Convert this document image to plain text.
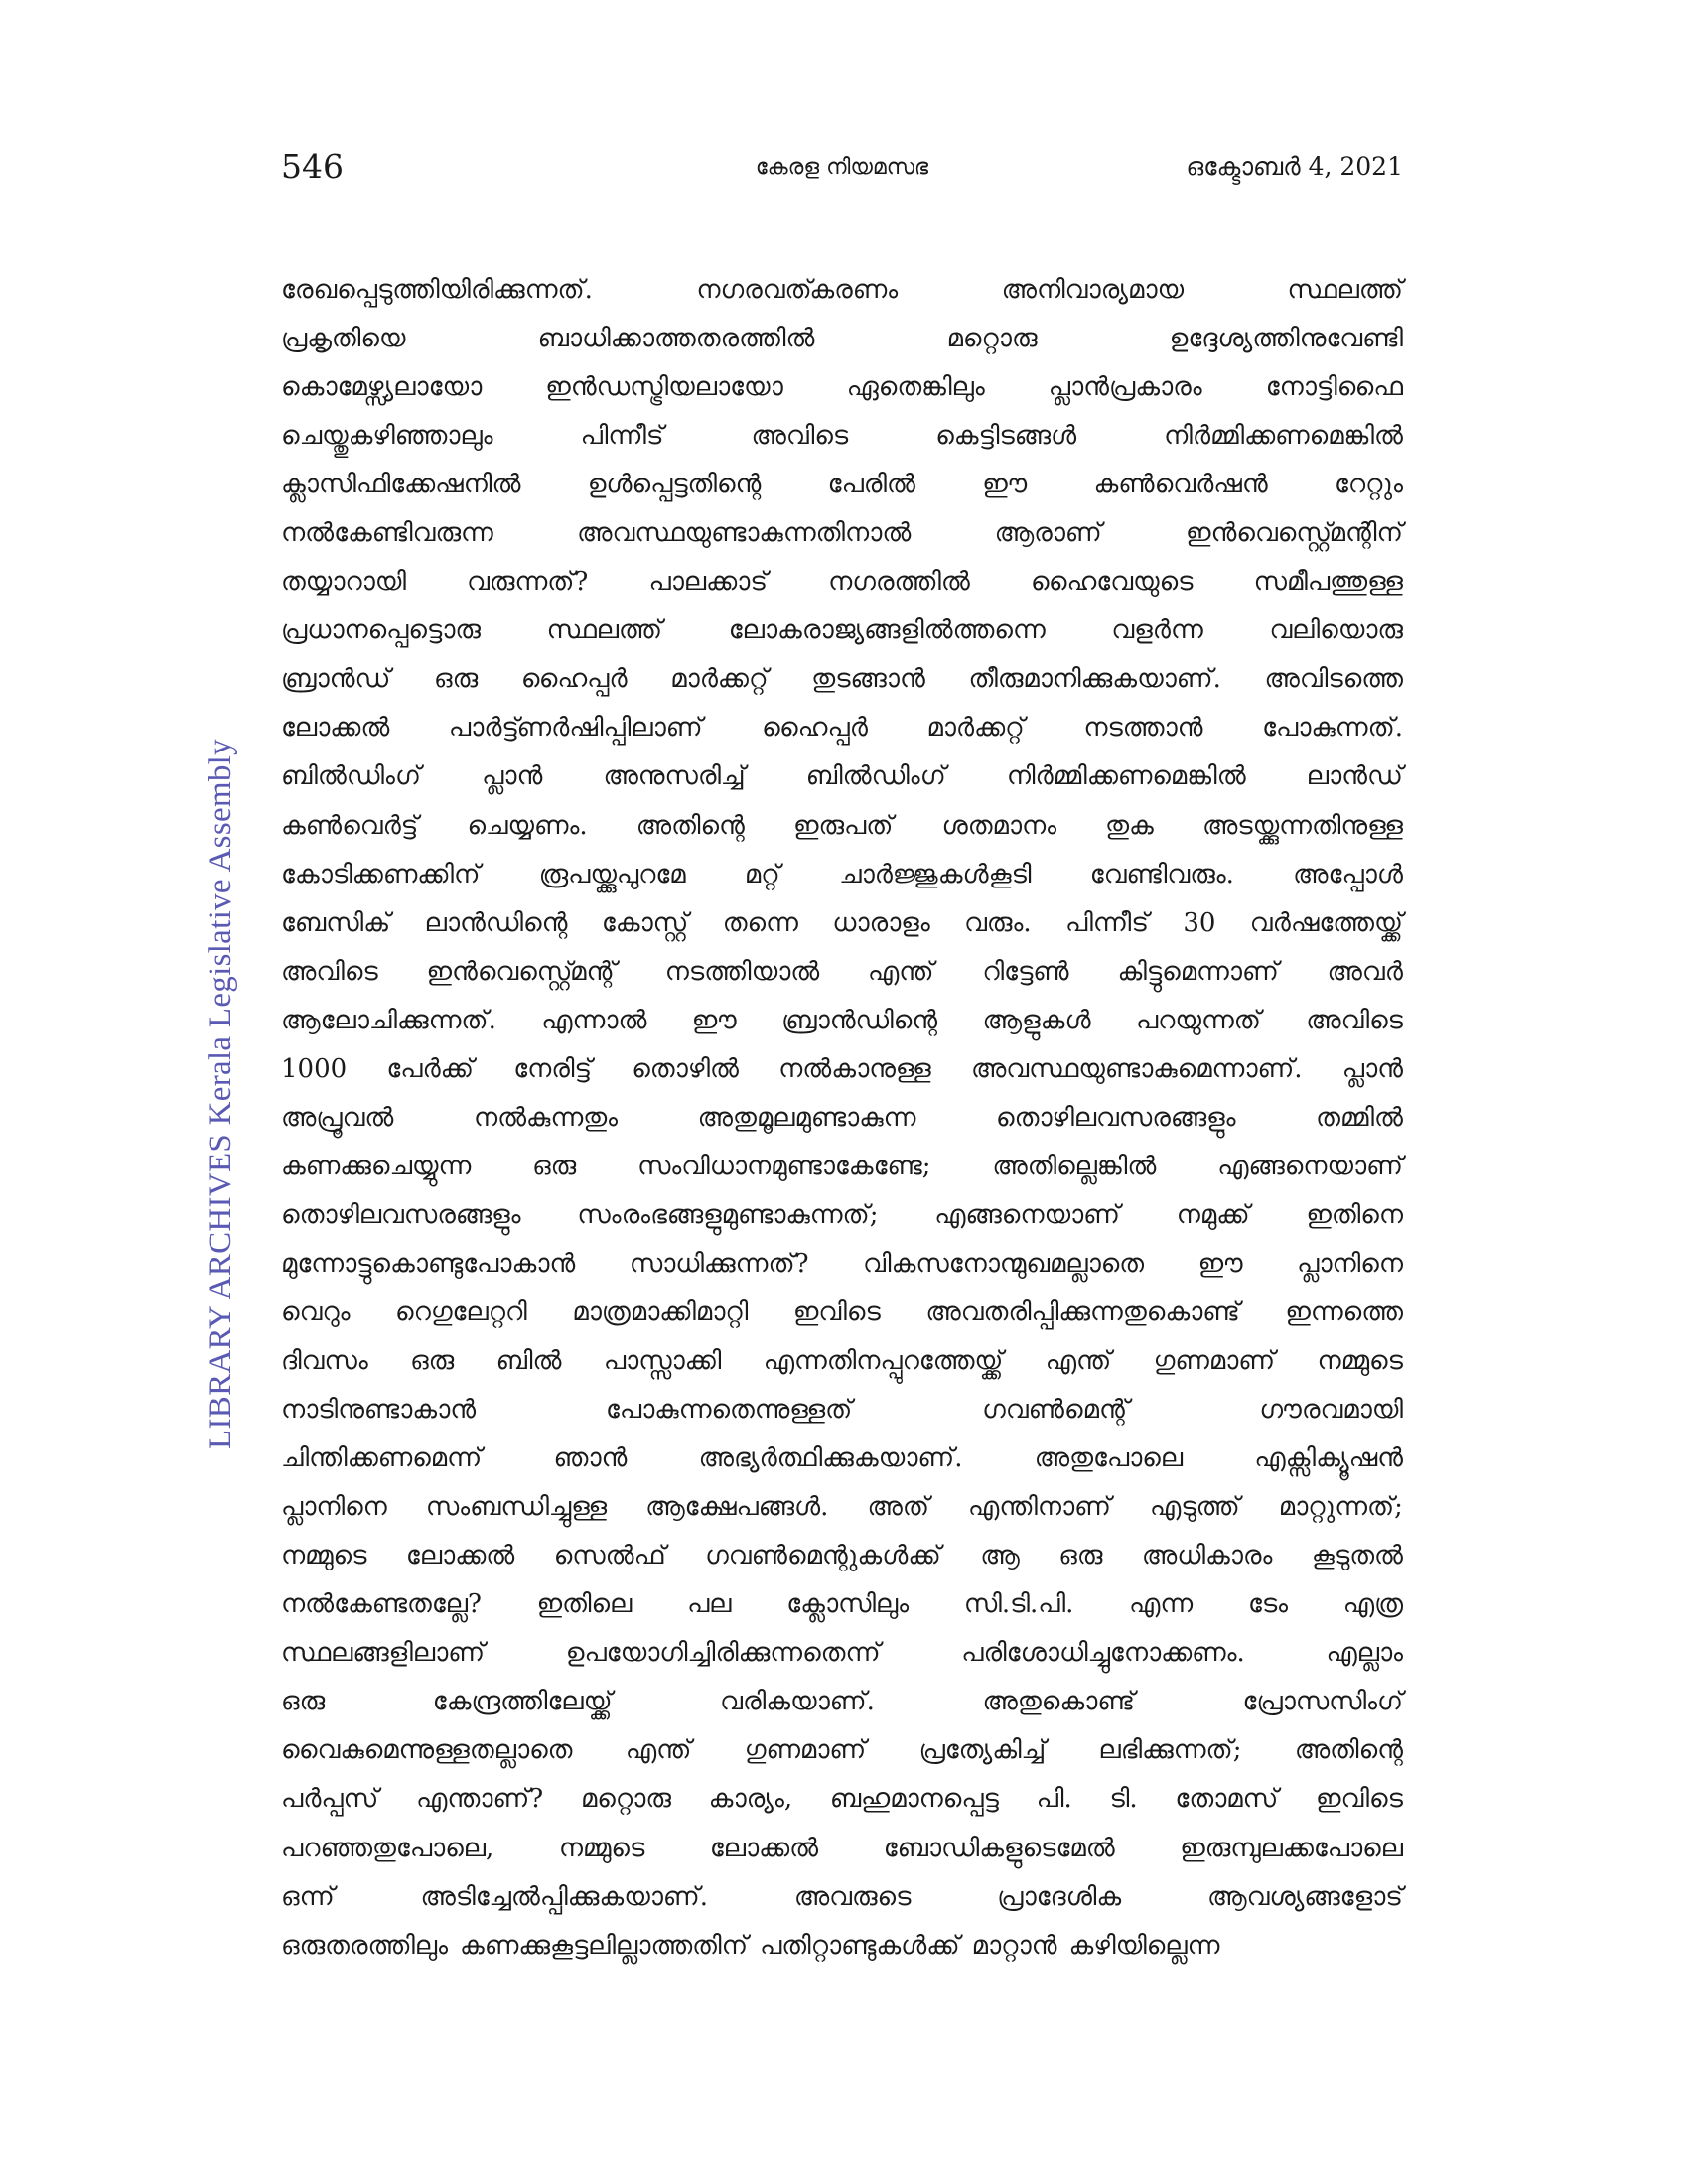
546	കേരള നിയമസഭ	ഒക്ടോബർ 4, 2021
LIBRARY ARCHIVES Kerala Legislative Assembly
രേഖപ്പെടുത്തിയിരിക്കുന്നത്.	നഗരവത്കരണം	അനിവാര്യമായ	സ്ഥലത്ത്
പ്രകൃതിയെ	ബാധിക്കാത്തതരത്തിൽ	മറ്റൊരു	ഉദ്ദേശ്യത്തിനുവേണ്ടി
കൊമേഴ്സ്യലായോ ഇൻഡസ്ട്രിയലായോ ഏതെങ്കിലും പ്ലാൻപ്രകാരം നോട്ടിഫൈ
ചെയ്തുകഴിഞ്ഞാലും	പിന്നീട്	അവിടെ	കെട്ടിടങ്ങൾ	നിർമ്മിക്കണമെങ്കിൽ
ക്ലാസിഫിക്കേഷനിൽ	ഉൾപ്പെട്ടതിന്റെ	പേരിൽ	ഈ	കൺവെർഷൻ	റേറ്റും
നൽകേണ്ടിവരുന്ന	അവസ്ഥയുണ്ടാകുന്നതിനാൽ	ആരാണ്	ഇൻവെസ്റ്റ്മെന്റിന്
തയ്യാറായി വരുന്നത്? പാലക്കാട് നഗരത്തിൽ ഹൈവേയുടെ സമീപത്തുള്ള
പ്രധാനപ്പെട്ടൊരു	സ്ഥലത്ത്	ലോകരാജ്യങ്ങളിൽത്തന്നെ	വളർന്ന	വലിയൊരു
ബ്രാൻഡ് ഒരു ഹൈപ്പർ മാർക്കറ്റ് തുടങ്ങാൻ തീരുമാനിക്കുകയാണ്. അവിടത്തെ
ലോക്കൽ പാർട്ട്ണർഷിപ്പിലാണ് ഹൈപ്പർ മാർക്കറ്റ് നടത്താൻ പോകുന്നത്.
ബിൽഡിംഗ് പ്ലാൻ അനുസരിച്ച് ബിൽഡിംഗ് നിർമ്മിക്കണമെങ്കിൽ ലാൻഡ്
കൺവെർട്ട് ചെയ്യണം. അതിന്റെ ഇരുപത് ശതമാനം തുക അടയ്ക്കുന്നതിനുള്ള
കോടിക്കണക്കിന് രൂപയ്ക്കുപുറമേ മറ്റ് ചാർജ്ജുകൾകൂടി വേണ്ടിവരും. അപ്പോൾ
ബേസിക് ലാൻഡിന്റെ കോസ്റ്റ് തന്നെ ധാരാളം വരും. പിന്നീട് 30 വർഷത്തേയ്ക്ക്
അവിടെ ഇൻവെസ്റ്റ്മെന്റ് നടത്തിയാൽ എന്ത് റിട്ടേൺ കിട്ടുമെന്നാണ് അവർ
ആലോചിക്കുന്നത്. എന്നാൽ ഈ ബ്രാൻഡിന്റെ ആളുകൾ പറയുന്നത് അവിടെ
1000 പേർക്ക് നേരിട്ട് തൊഴിൽ നൽകാനുള്ള അവസ്ഥയുണ്ടാകുമെന്നാണ്. പ്ലാൻ
അപ്രൂവൽ	നൽകുന്നതും	അതുമൂലമുണ്ടാകുന്ന	തൊഴിലവസരങ്ങളും	തമ്മിൽ
കണക്കുചെയ്യുന്ന ഒരു സംവിധാനമുണ്ടാകേണ്ടേ; അതില്ലെങ്കിൽ എങ്ങനെയാണ്
തൊഴിലവസരങ്ങളും സംരംഭങ്ങളുമുണ്ടാകുന്നത്; എങ്ങനെയാണ് നമുക്ക് ഇതിനെ
മുന്നോട്ടുകൊണ്ടുപോകാൻ സാധിക്കുന്നത്? വികസനോന്മുഖമല്ലാതെ ഈ പ്ലാനിനെ
വെറും റെഗുലേറ്ററി മാത്രമാക്കിമാറ്റി ഇവിടെ അവതരിപ്പിക്കുന്നതുകൊണ്ട് ഇന്നത്തെ
ദിവസം ഒരു ബിൽ പാസ്സാക്കി എന്നതിനപ്പുറത്തേയ്ക്ക് എന്ത് ഗുണമാണ് നമ്മുടെ
നാടിനുണ്ടാകാൻ	പോകുന്നതെന്നുള്ളത്	ഗവൺമെന്റ്	ഗൗരവമായി
ചിന്തിക്കണമെന്ന്	ഞാൻ	അഭ്യർത്ഥിക്കുകയാണ്.	അതുപോലെ	എക്സിക്യൂഷൻ
പ്ലാനിനെ സംബന്ധിച്ചുള്ള ആക്ഷേപങ്ങൾ. അത് എന്തിനാണ് എടുത്ത് മാറ്റുന്നത്;
നമ്മുടെ ലോക്കൽ സെൽഫ് ഗവൺമെന്റുകൾക്ക് ആ ഒരു അധികാരം കൂടുതൽ
നൽകേണ്ടതല്ലേ? ഇതിലെ പല ക്ലോസിലും സി.ടി.പി. എന്ന ടേം എത്ര
സ്ഥലങ്ങളിലാണ്	ഉപയോഗിച്ചിരിക്കുന്നതെന്ന്	പരിശോധിച്ചുനോക്കണം.	എല്ലാം
ഒരു	കേന്ദ്രത്തിലേയ്ക്ക്	വരികയാണ്.	അതുകൊണ്ട്	പ്രോസസിംഗ്
വൈകുമെന്നുള്ളതല്ലാതെ എന്ത് ഗുണമാണ് പ്രത്യേകിച്ച് ലഭിക്കുന്നത്; അതിന്റെ
പർപ്പസ് എന്താണ്? മറ്റൊരു കാര്യം, ബഹുമാനപ്പെട്ട പി. ടി. തോമസ് ഇവിടെ
പറഞ്ഞതുപോലെ,	നമ്മുടെ	ലോക്കൽ	ബോഡികളുടെമേൽ	ഇരുമ്പുലക്കപോലെ
ഒന്ന്	അടിച്ചേൽപ്പിക്കുകയാണ്.	അവരുടെ	പ്രാദേശിക	ആവശ്യങ്ങളോട്
ഒരുതരത്തിലും കണക്കുകൂട്ടലില്ലാത്തതിന് പതിറ്റാണ്ടുകൾക്ക് മാറ്റാൻ കഴിയില്ലെന്ന
